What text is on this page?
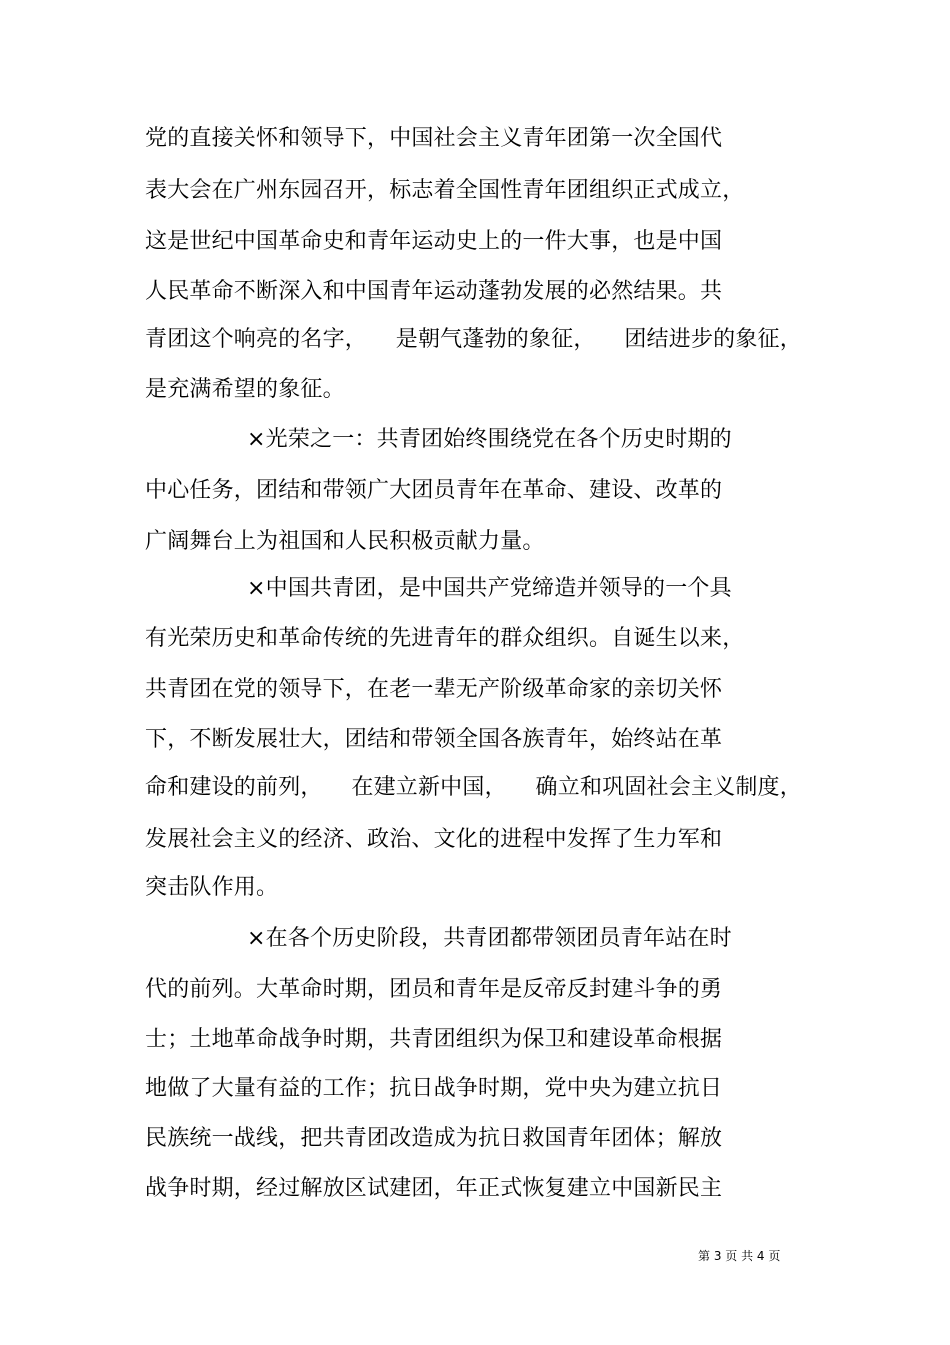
党的直接关怀和领导下，中国社会主义青年团第一次全国代
表大会在广州东园召开，标志着全国性青年团组织正式成立，
这是世纪中国革命史和青年运动史上的一件大事，也是中国
人民革命不断深入和中国青年运动蓬勃发展的必然结果。共
青团这个响亮的名字，    是朝气蓬勃的象征，    团结进步的象征，
是充满希望的象征。
×光荣之一：共青团始终围绕党在各个历史时期的
中心任务，团结和带领广大团员青年在革命、建设、改革的
广阔舞台上为祖国和人民积极贡献力量。
×中国共青团，是中国共产党缔造并领导的一个具
有光荣历史和革命传统的先进青年的群众组织。自诞生以来，
共青团在党的领导下，在老一辈无产阶级革命家的亲切关怀
下，不断发展壮大，团结和带领全国各族青年，始终站在革
命和建设的前列，    在建立新中国，    确立和巩固社会主义制度，
发展社会主义的经济、政治、文化的进程中发挥了生力军和
突击队作用。
×在各个历史阶段，共青团都带领团员青年站在时
代的前列。大革命时期，团员和青年是反帝反封建斗争的勇
士；土地革命战争时期，共青团组织为保卫和建设革命根据
地做了大量有益的工作；抗日战争时期，党中央为建立抗日
民族统一战线，把共青团改造成为抗日救国青年团体；解放
战争时期，经过解放区试建团，年正式恢复建立中国新民主
第 3 页 共 4 页
